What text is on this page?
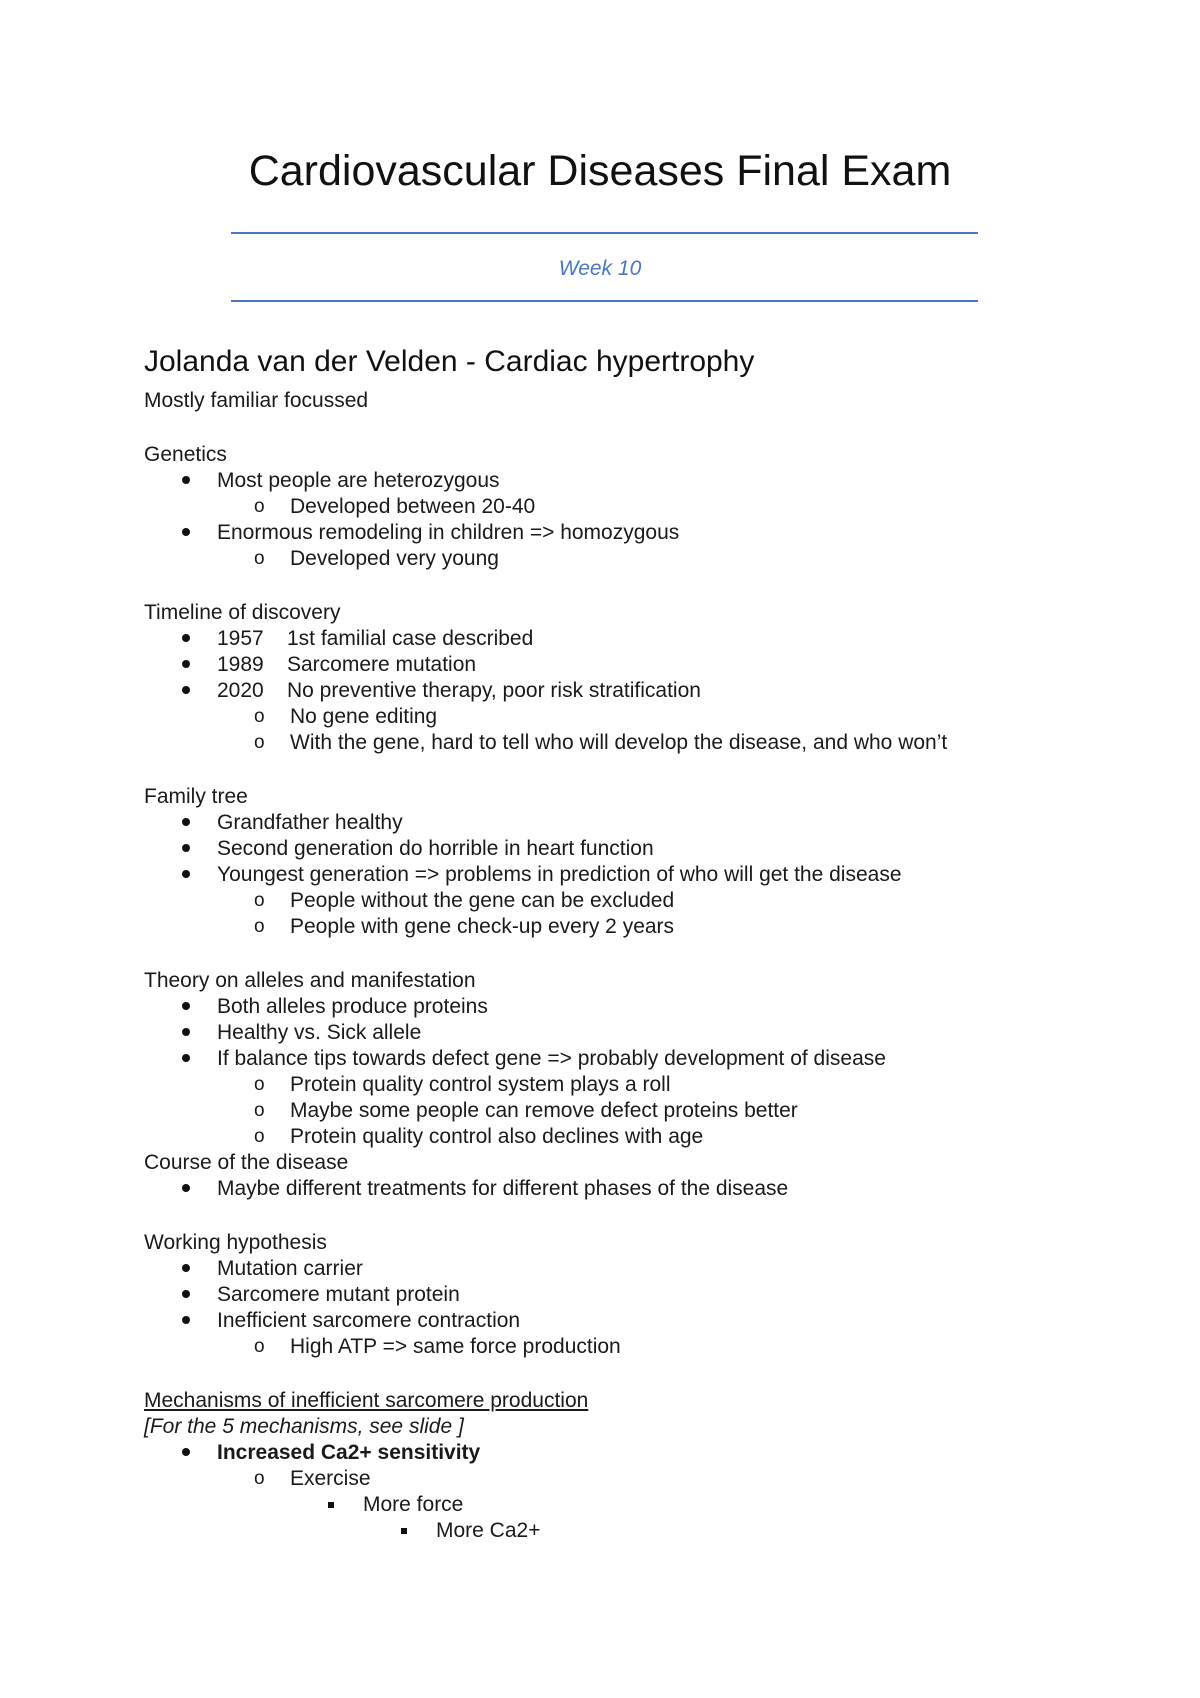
Cardiovascular Diseases Final Exam
Week 10
Jolanda van der Velden - Cardiac hypertrophy
Mostly familiar focussed
Genetics
Most people are heterozygous
o Developed between 20-40
Enormous remodeling in children => homozygous
o Developed very young
Timeline of discovery
1957 1st familial case described
1989 Sarcomere mutation
2020 No preventive therapy, poor risk stratification
o No gene editing
o With the gene, hard to tell who will develop the disease, and who won’t
Family tree
Grandfather healthy
Second generation do horrible in heart function
Youngest generation => problems in prediction of who will get the disease
o People without the gene can be excluded
o People with gene check-up every 2 years
Theory on alleles and manifestation
Both alleles produce proteins
Healthy vs. Sick allele
If balance tips towards defect gene => probably development of disease
o Protein quality control system plays a roll
o Maybe some people can remove defect proteins better
o Protein quality control also declines with age
Course of the disease
Maybe different treatments for different phases of the disease
Working hypothesis
Mutation carrier
Sarcomere mutant protein
Inefficient sarcomere contraction
o High ATP => same force production
Mechanisms of inefficient sarcomere production
[For the 5 mechanisms, see slide ]
Increased Ca2+ sensitivity
o Exercise
More force
More Ca2+
